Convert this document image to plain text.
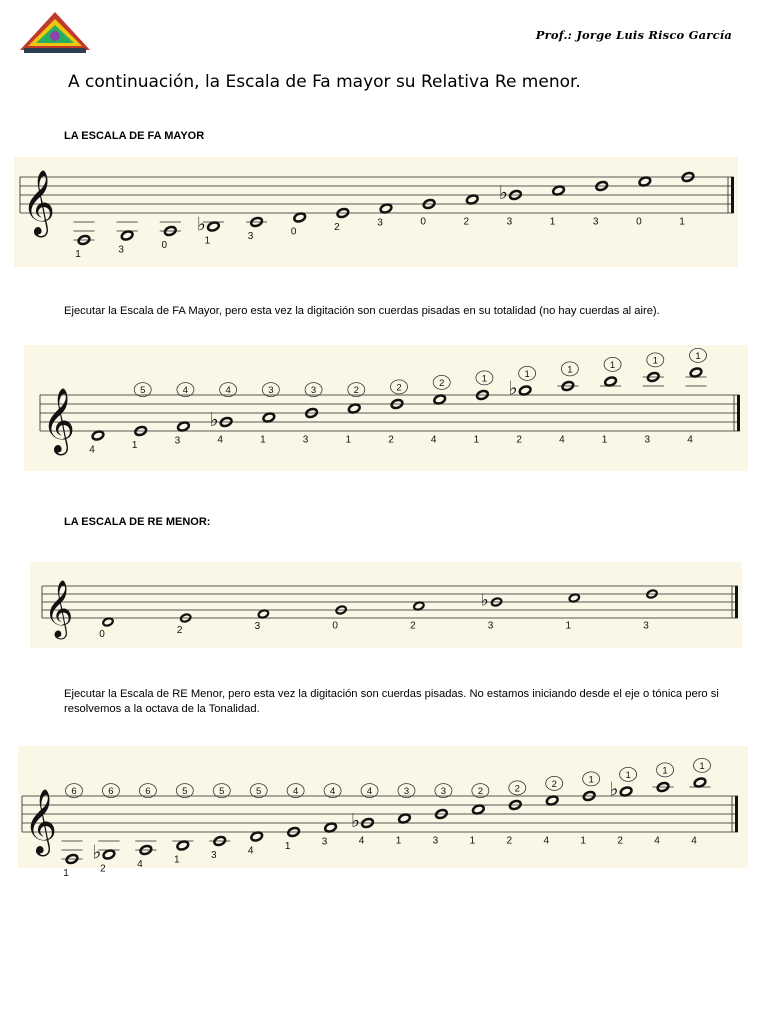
Prof.: Jorge Luis Risco García
A continuación, la Escala de Fa mayor su Relativa Re menor.
LA ESCALA DE FA MAYOR
𝄞
1	3	0
♭
1	3	0	2	3	0	2
♭
3	1	3	0	1
Ejecutar la Escala de FA Mayor, pero esta vez la digitación son cuerdas pisadas en su totalidad (no hay cuerdas al aire).
𝄞 4	1
5
3
4
♭
4
4
1
3
3
3
1
2
2
2
4
2
1
1 ♭
2
1
4
1
1
1
3
1
4
1
LA ESCALA DE RE MENOR:
𝄞	0	2	3	0	2
♭
3	1	3
Ejecutar la Escala de RE Menor, pero esta vez la digitación son cuerdas pisadas. No estamos iniciando desde el eje o tónica pero si resolvemos a la octava de la Tonalidad.
𝄞
1
6
♭
2
6
4
6
1
5
3
5
4
5
1
4
3
4
♭
4
4
1
3
3
3
1
2
2
2
4
2
1
1 ♭
2
1
4
1
4
1
